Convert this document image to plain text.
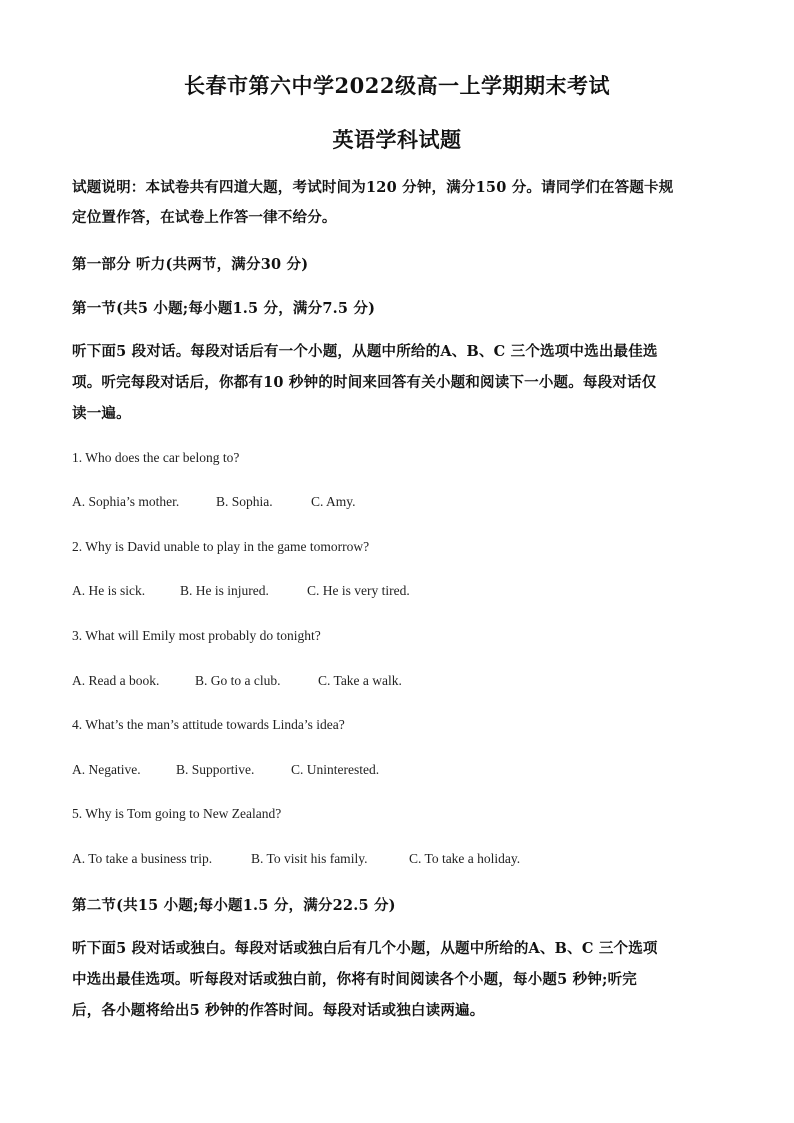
长春市第六中学2022级高一上学期期末考试
英语学科试题
试题说明：本试卷共有四道大题，考试时间为120 分钟，满分150 分。请同学们在答题卡规
定位置作答，在试卷上作答一律不给分。
第一部分 听力(共两节，满分30 分)
第一节(共5 小题;每小题1.5 分，满分7.5 分)
听下面5 段对话。每段对话后有一个小题，从题中所给的A、B、C 三个选项中选出最佳选
项。听完每段对话后，你都有10 秒钟的时间来回答有关小题和阅读下一小题。每段对话仅
读一遍。
1. Who does the car belong to?
A. Sophia’s mother.	B. Sophia.	C. Amy.
2. Why is David unable to play in the game tomorrow?
A. He is sick.	B. He is injured.	C. He is very tired.
3. What will Emily most probably do tonight?
A. Read a book.	B. Go to a club.	C. Take a walk.
4. What’s the man’s attitude towards Linda’s idea?
A. Negative.	B. Supportive.	C. Uninterested.
5. Why is Tom going to New Zealand?
A. To take a business trip.	B. To visit his family.	C. To take a holiday.
第二节(共15 小题;每小题1.5 分，满分22.5 分)
听下面5 段对话或独白。每段对话或独白后有几个小题，从题中所给的A、B、C 三个选项
中选出最佳选项。听每段对话或独白前，你将有时间阅读各个小题，每小题5 秒钟;听完
后，各小题将给出5 秒钟的作答时间。每段对话或独白读两遍。
